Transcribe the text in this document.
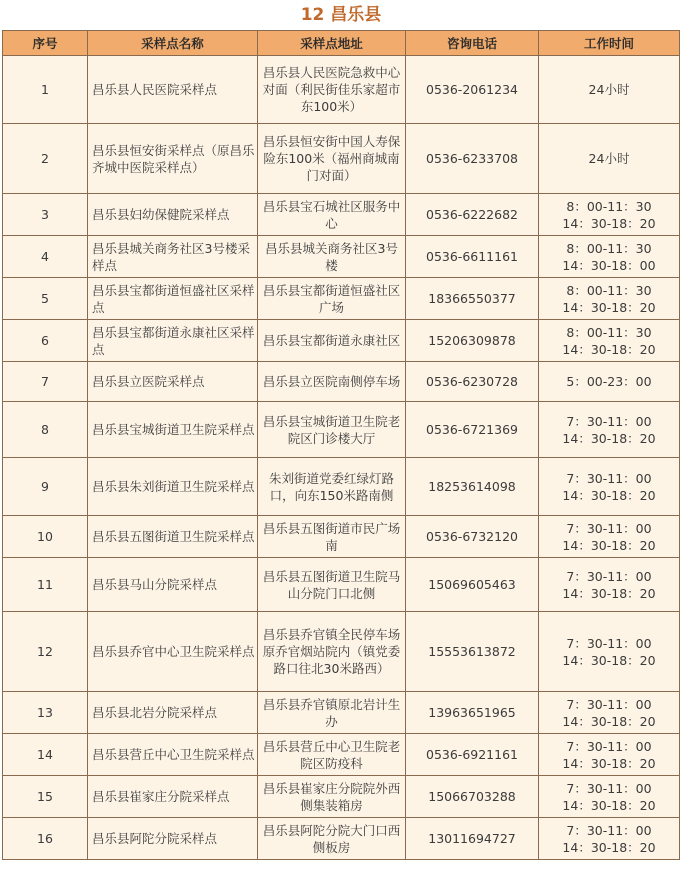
12 昌乐县
序号	采样点名称	采样点地址	咨询电话	工作时间
1	昌乐县人民医院采样点	昌乐县人民医院急救中心对面（利民街佳乐家超市东100米）	0536-2061234	24小时
2	昌乐县恒安街采样点（原昌乐齐城中医院采样点）	昌乐县恒安街中国人寿保险东100米（福州商城南门对面）	0536-6233708	24小时
3	昌乐县妇幼保健院采样点	昌乐县宝石城社区服务中心	0536-6222682	8：00-11：30
14：30-18：20
4	昌乐县城关商务社区3号楼采样点	昌乐县城关商务社区3号楼	0536-6611161	8：00-11：30
14：30-18：00
5	昌乐县宝都街道恒盛社区采样点	昌乐县宝都街道恒盛社区广场	18366550377	8：00-11：30
14：30-18：20
6	昌乐县宝都街道永康社区采样点	昌乐县宝都街道永康社区	15206309878	8：00-11：30
14：30-18：20
7	昌乐县立医院采样点	昌乐县立医院南侧停车场	0536-6230728	5：00-23：00
8	昌乐县宝城街道卫生院采样点	昌乐县宝城街道卫生院老院区门诊楼大厅	0536-6721369	7：30-11：00
14：30-18：20
9	昌乐县朱刘街道卫生院采样点	朱刘街道党委红绿灯路口，向东150米路南侧	18253614098	7：30-11：00
14：30-18：20
10	昌乐县五图街道卫生院采样点	昌乐县五图街道市民广场南	0536-6732120	7：30-11：00
14：30-18：20
11	昌乐县马山分院采样点	昌乐县五图街道卫生院马山分院门口北侧	15069605463	7：30-11：00
14：30-18：20
12	昌乐县乔官中心卫生院采样点	昌乐县乔官镇全民停车场原乔官烟站院内（镇党委路口往北30米路西）	15553613872	7：30-11：00
14：30-18：20
13	昌乐县北岩分院采样点	昌乐县乔官镇原北岩计生办	13963651965	7：30-11：00
14：30-18：20
14	昌乐县营丘中心卫生院采样点	昌乐县营丘中心卫生院老院区防疫科	0536-6921161	7：30-11：00
14：30-18：20
15	昌乐县崔家庄分院采样点	昌乐县崔家庄分院院外西侧集装箱房	15066703288	7：30-11：00
14：30-18：20
16	昌乐县阿陀分院采样点	昌乐县阿陀分院大门口西侧板房	13011694727	7：30-11：00
14：30-18：20
